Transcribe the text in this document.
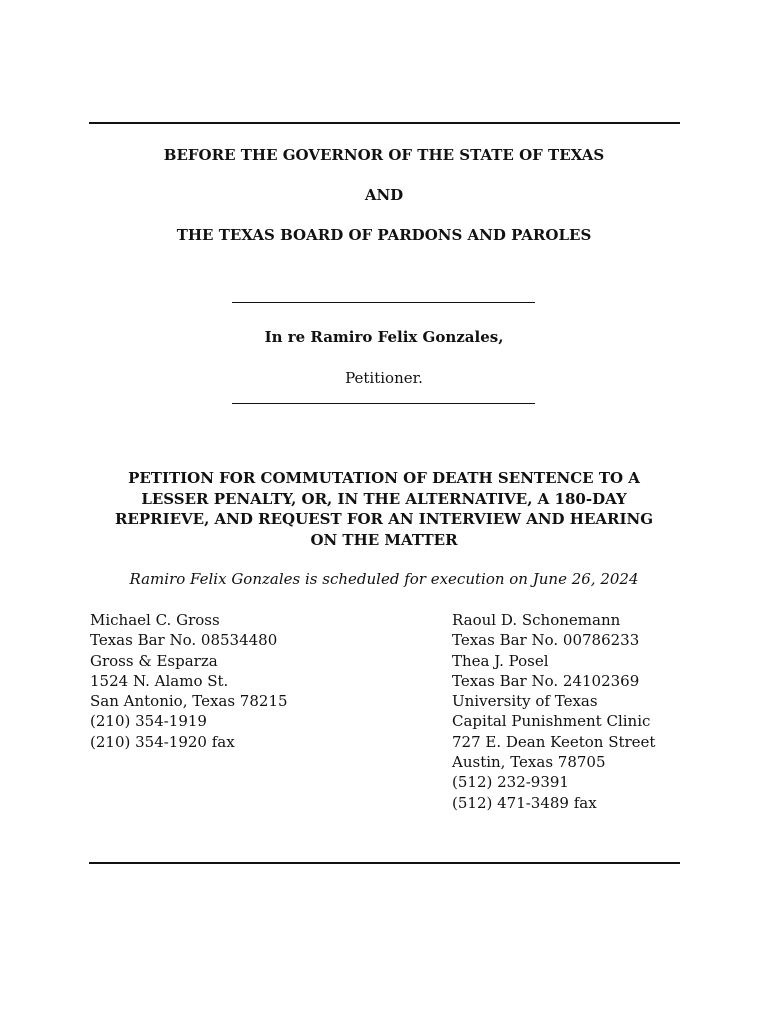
BEFORE THE GOVERNOR OF THE STATE OF TEXAS
AND
THE TEXAS BOARD OF PARDONS AND PAROLES
In re Ramiro Felix Gonzales,
Petitioner.
PETITION FOR COMMUTATION OF DEATH SENTENCE TO A
LESSER PENALTY, OR, IN THE ALTERNATIVE, A 180-DAY
REPRIEVE, AND REQUEST FOR AN INTERVIEW AND HEARING
ON THE MATTER
Ramiro Felix Gonzales is scheduled for execution on June 26, 2024
Michael C. Gross
Texas Bar No. 08534480
Gross & Esparza
1524 N. Alamo St.
San Antonio, Texas 78215
(210) 354-1919
(210) 354-1920 fax
Raoul D. Schonemann
Texas Bar No. 00786233
Thea J. Posel
Texas Bar No. 24102369
University of Texas
Capital Punishment Clinic
727 E. Dean Keeton Street
Austin, Texas 78705
(512) 232-9391
(512) 471-3489 fax
